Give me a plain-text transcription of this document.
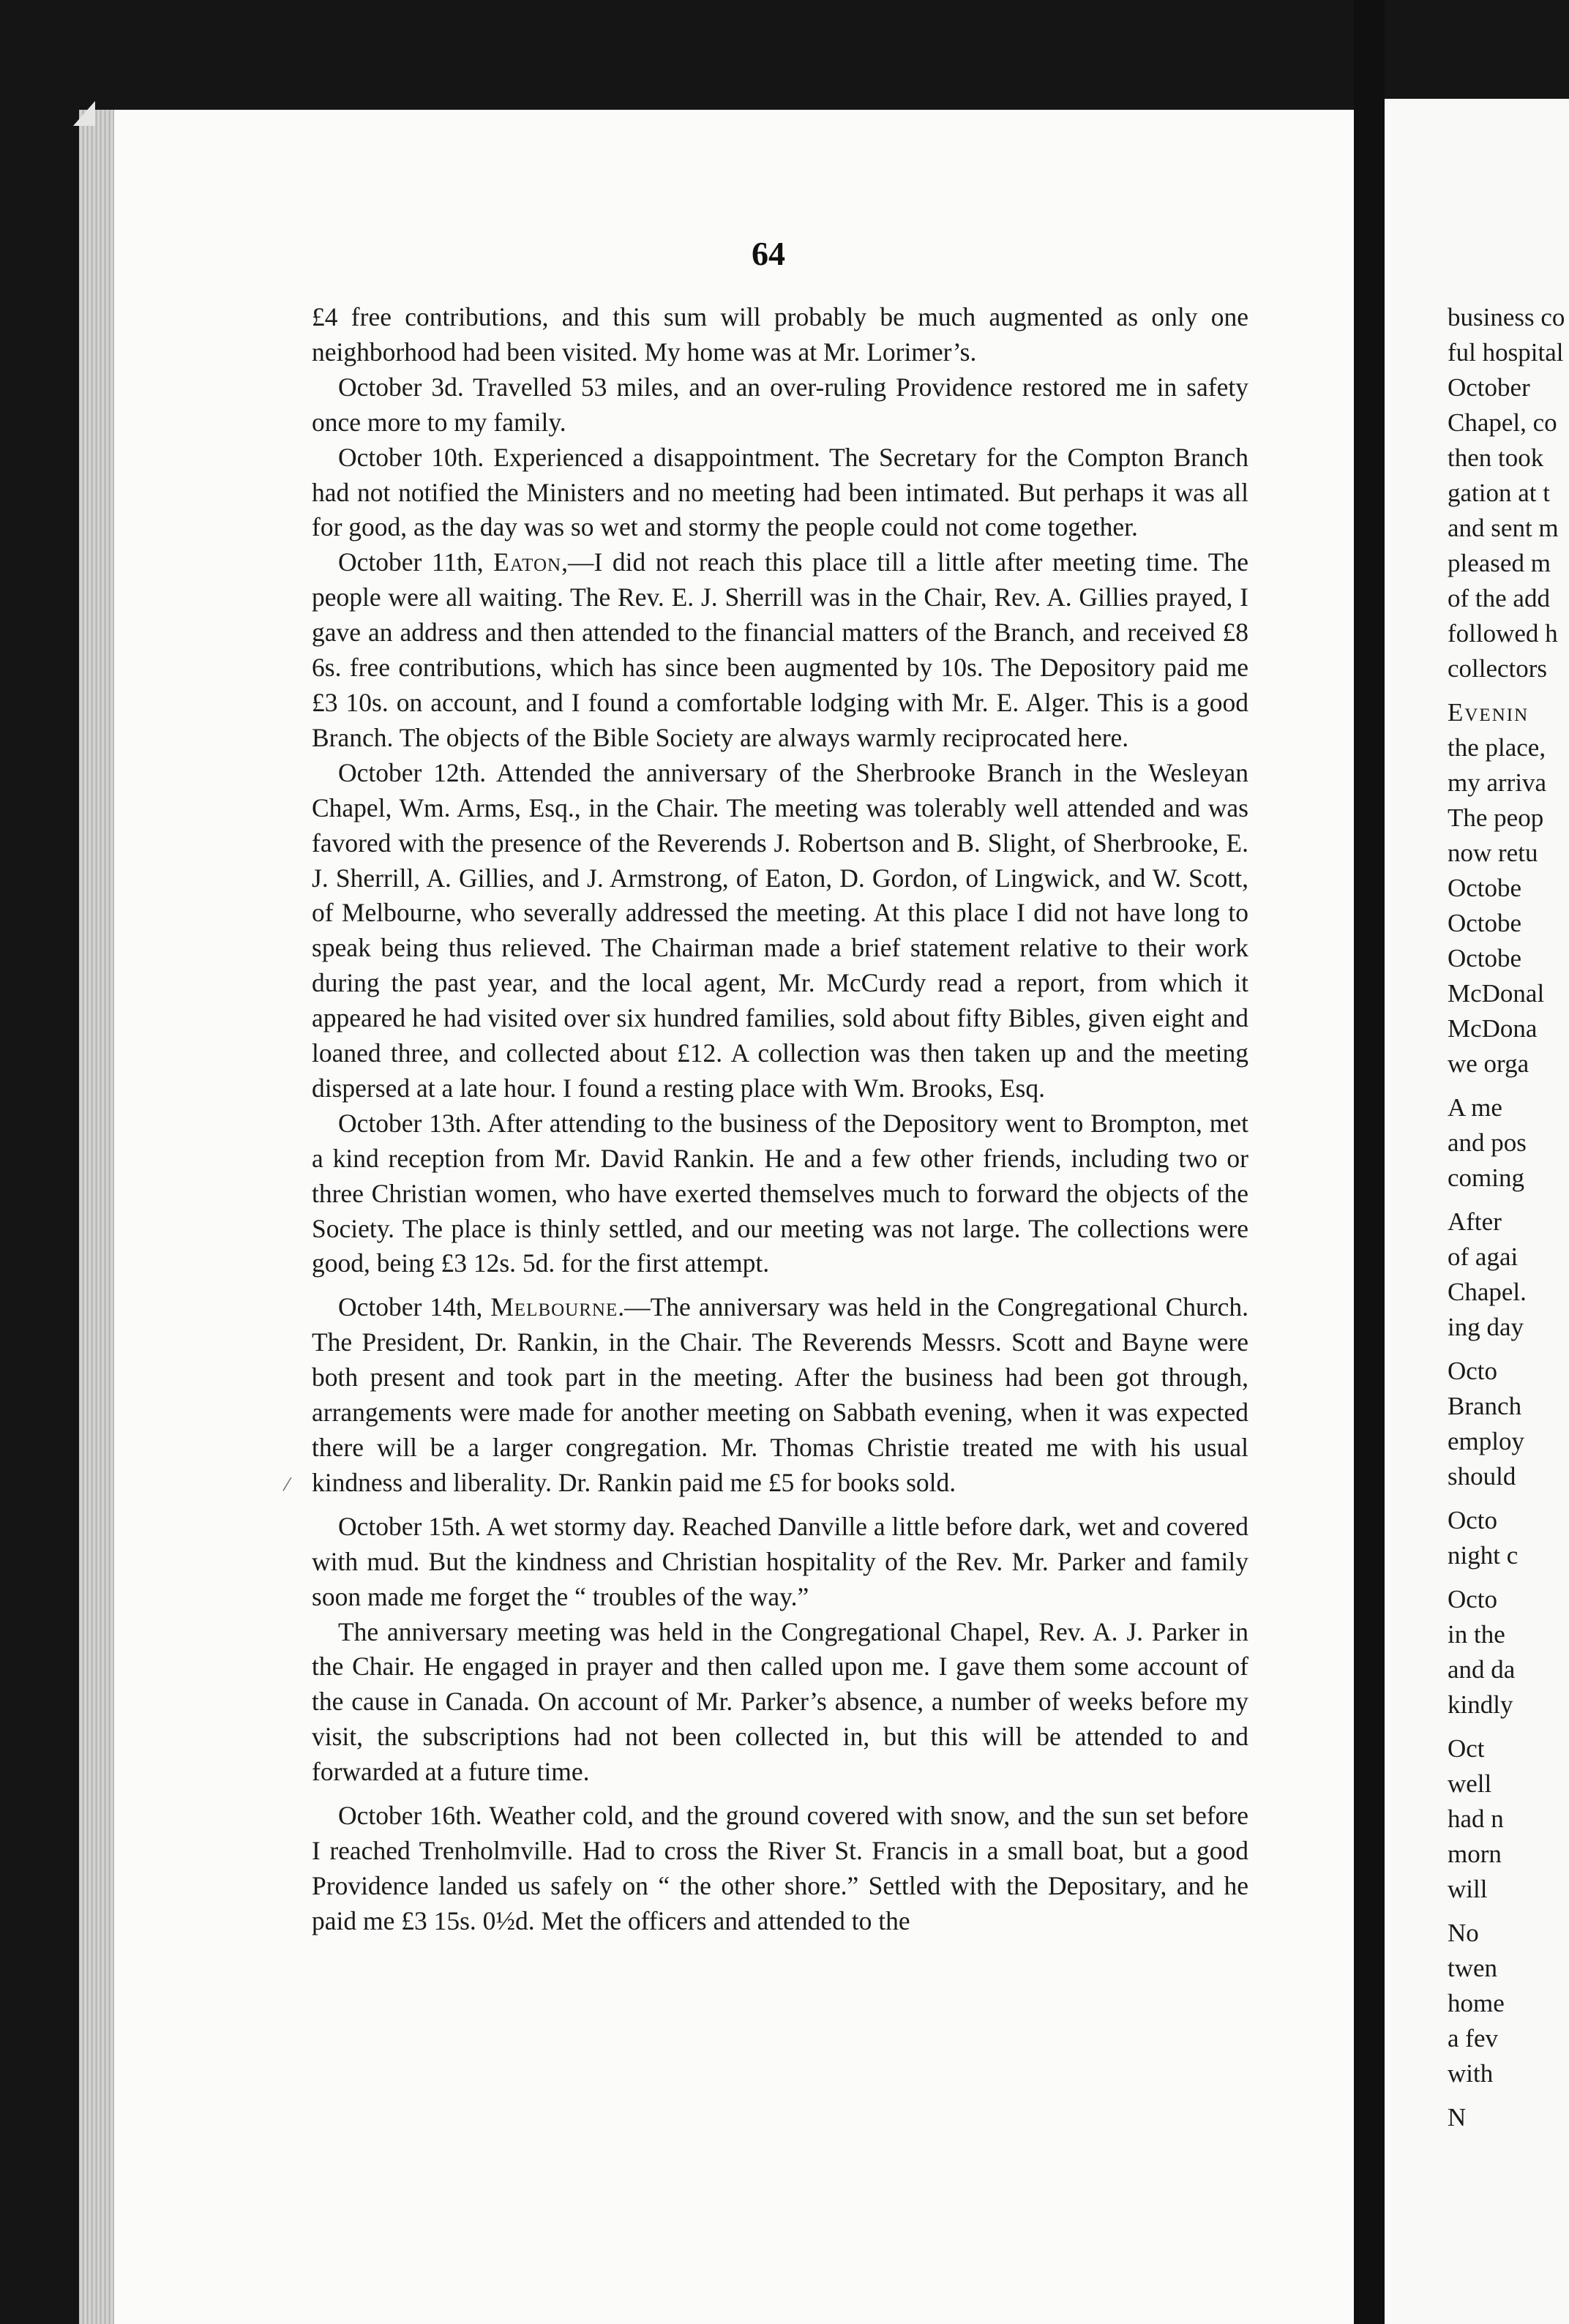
64

£4 free contributions, and this sum will probably be much augmented as only one neighborhood had been visited. My home was at Mr. Lorimer’s.

October 3d. Travelled 53 miles, and an over-ruling Providence restored me in safety once more to my family.

October 10th. Experienced a disappointment. The Secretary for the Compton Branch had not notified the Ministers and no meeting had been intimated. But perhaps it was all for good, as the day was so wet and stormy the people could not come together.

October 11th, Eaton,—I did not reach this place till a little after meeting time. The people were all waiting. The Rev. E. J. Sherrill was in the Chair, Rev. A. Gillies prayed, I gave an address and then attended to the financial matters of the Branch, and received £8 6s. free contributions, which has since been augmented by 10s. The Depository paid me £3 10s. on account, and I found a comfortable lodging with Mr. E. Alger. This is a good Branch. The objects of the Bible Society are always warmly reciprocated here.

October 12th. Attended the anniversary of the Sherbrooke Branch in the Wesleyan Chapel, Wm. Arms, Esq., in the Chair. The meeting was tolerably well attended and was favored with the presence of the Reverends J. Robertson and B. Slight, of Sherbrooke, E. J. Sherrill, A. Gillies, and J. Armstrong, of Eaton, D. Gordon, of Lingwick, and W. Scott, of Melbourne, who severally addressed the meeting. At this place I did not have long to speak being thus relieved. The Chairman made a brief statement relative to their work during the past year, and the local agent, Mr. McCurdy read a report, from which it appeared he had visited over six hundred families, sold about fifty Bibles, given eight and loaned three, and collected about £12. A collection was then taken up and the meeting dispersed at a late hour. I found a resting place with Wm. Brooks, Esq.

October 13th. After attending to the business of the Depository went to Brompton, met a kind reception from Mr. David Rankin. He and a few other friends, including two or three Christian women, who have exerted themselves much to forward the objects of the Society. The place is thinly settled, and our meeting was not large. The collections were good, being £3 12s. 5d. for the first attempt.

October 14th, Melbourne.—The anniversary was held in the Congregational Church. The President, Dr. Rankin, in the Chair. The Reverends Messrs. Scott and Bayne were both present and took part in the meeting. After the business had been got through, arrangements were made for another meeting on Sabbath evening, when it was expected there will be a larger congregation. Mr. Thomas Christie treated me with his usual kindness and liberality. Dr. Rankin paid me £5 for books sold.

October 15th. A wet stormy day. Reached Danville a little before dark, wet and covered with mud. But the kindness and Christian hospitality of the Rev. Mr. Parker and family soon made me forget the “ troubles of the way.”

The anniversary meeting was held in the Congregational Chapel, Rev. A. J. Parker in the Chair. He engaged in prayer and then called upon me. I gave them some account of the cause in Canada. On account of Mr. Parker’s absence, a number of weeks before my visit, the subscriptions had not been collected in, but this will be attended to and forwarded at a future time.

October 16th. Weather cold, and the ground covered with snow, and the sun set before I reached Trenholmville. Had to cross the River St. Francis in a small boat, but a good Providence landed us safely on “ the other shore.” Settled with the Depositary, and he paid me £3 15s. 0½d. Met the officers and attended to the

/
business co
ful hospital
October
Chapel, co
then took
gation at t
and sent m
pleased m
of the add
followed h
collectors
Evenin
the place,
my arriva
The peop
now retu
Octobe
Octobe
Octobe
McDonal
McDona
we orga
A me
and pos
coming
After
of agai
Chapel.
ing day
Octo
Branch
employ
should
Octo
night c
Octo
in the
and da
kindly
Oct
well
had n
morn
will
No
twen
home
a fev
with
N
